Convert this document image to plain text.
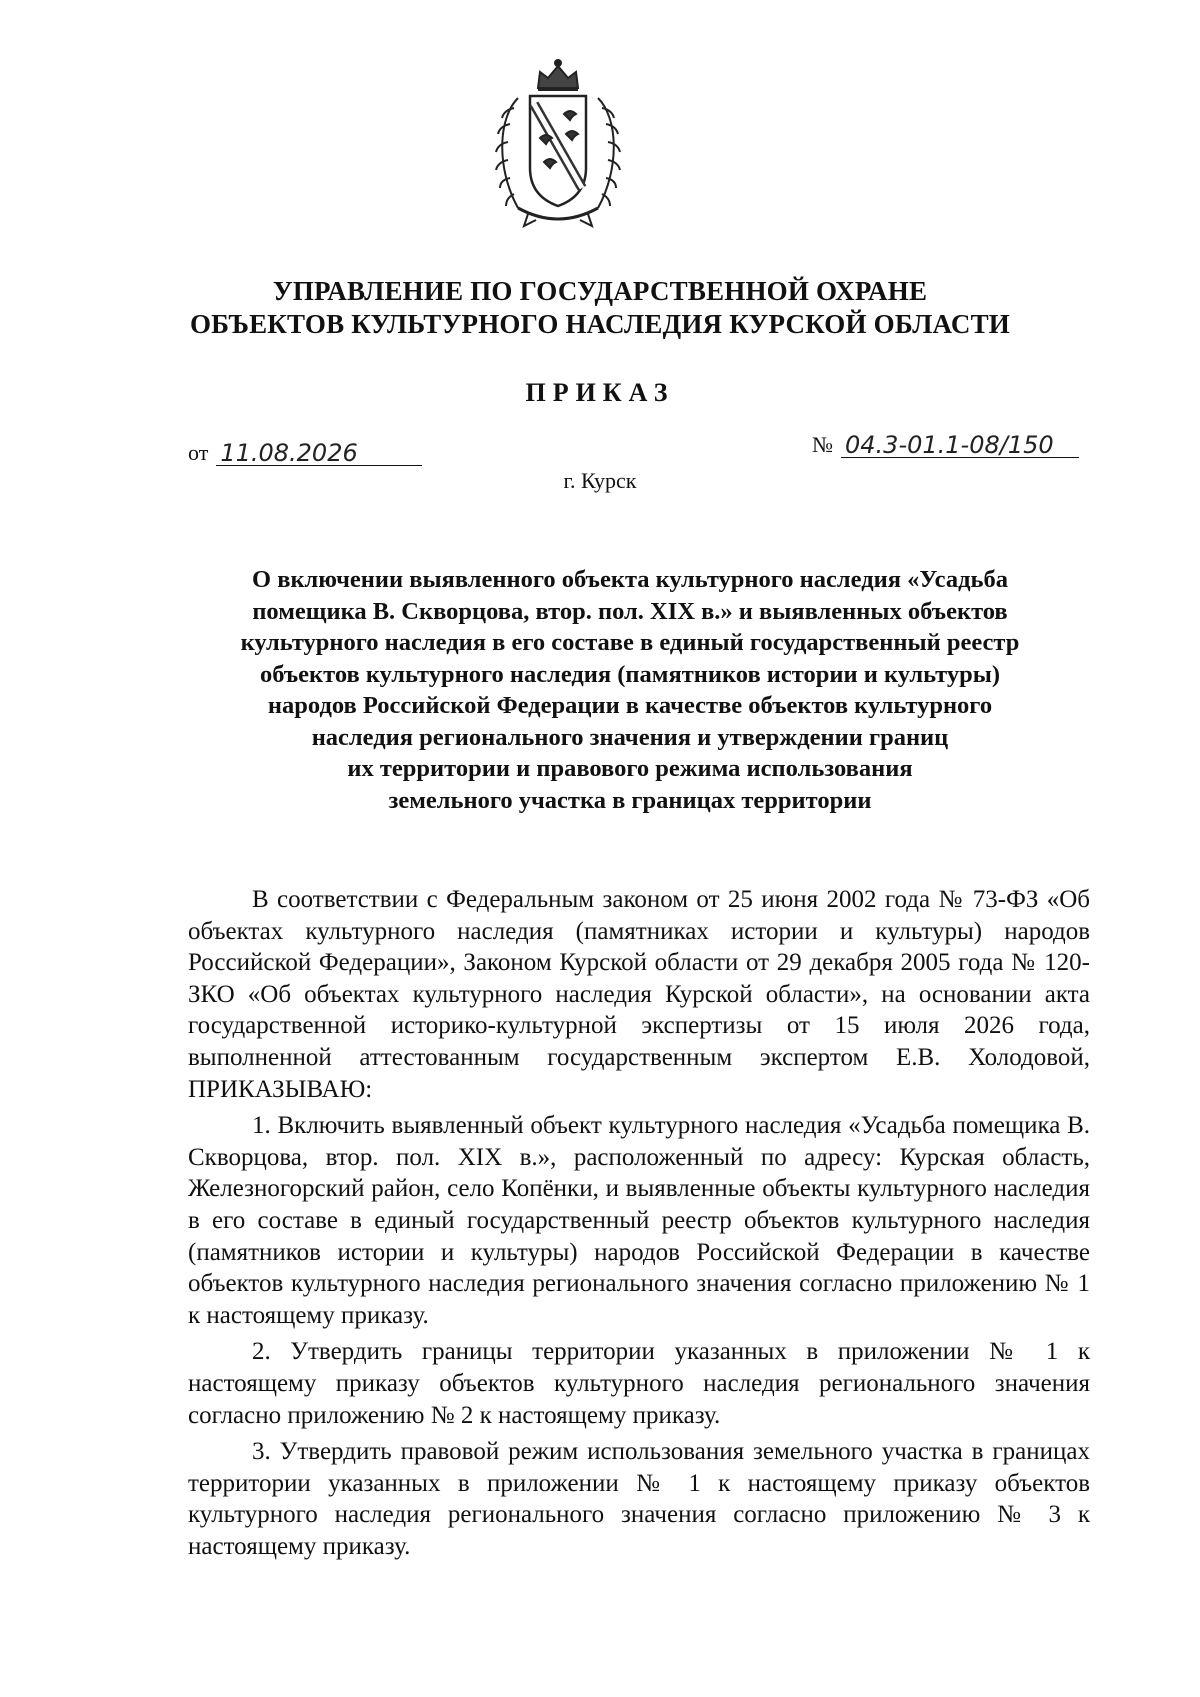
УПРАВЛЕНИЕ ПО ГОСУДАРСТВЕННОЙ ОХРАНЕ
ОБЪЕКТОВ КУЛЬТУРНОГО НАСЛЕДИЯ КУРСКОЙ ОБЛАСТИ
ПРИКАЗ
от 11.08.2026	№ 04.3-01.1-08/150
г. Курск
О включении выявленного объекта культурного наследия «Усадьба
помещика В. Скворцова, втор. пол. XIX в.» и выявленных объектов
культурного наследия в его составе в единый государственный реестр
объектов культурного наследия (памятников истории и культуры)
народов Российской Федерации в качестве объектов культурного
наследия регионального значения и утверждении границ
их территории и правового режима использования
земельного участка в границах территории

В соответствии с Федеральным законом от 25 июня 2002 года № 73-ФЗ «Об объектах культурного наследия (памятниках истории и культуры) народов Российской Федерации», Законом Курской области от 29 декабря 2005 года № 120-ЗКО «Об объектах культурного наследия Курской области», на основании акта государственной историко-культурной экспертизы от 15 июля 2026 года, выполненной аттестованным государственным экспертом Е.В. Холодовой, ПРИКАЗЫВАЮ:

1. Включить выявленный объект культурного наследия «Усадьба помещика В. Скворцова, втор. пол. XIX в.», расположенный по адресу: Курская область, Железногорский район, село Копёнки, и выявленные объекты культурного наследия в его составе в единый государственный реестр объектов культурного наследия (памятников истории и культуры) народов Российской Федерации в качестве объектов культурного наследия регионального значения согласно приложению № 1 к настоящему приказу.

2. Утвердить границы территории указанных в приложении № 1 к настоящему приказу объектов культурного наследия регионального значения согласно приложению № 2 к настоящему приказу.

3. Утвердить правовой режим использования земельного участка в границах территории указанных в приложении № 1 к настоящему приказу объектов культурного наследия регионального значения согласно приложению № 3 к настоящему приказу.
